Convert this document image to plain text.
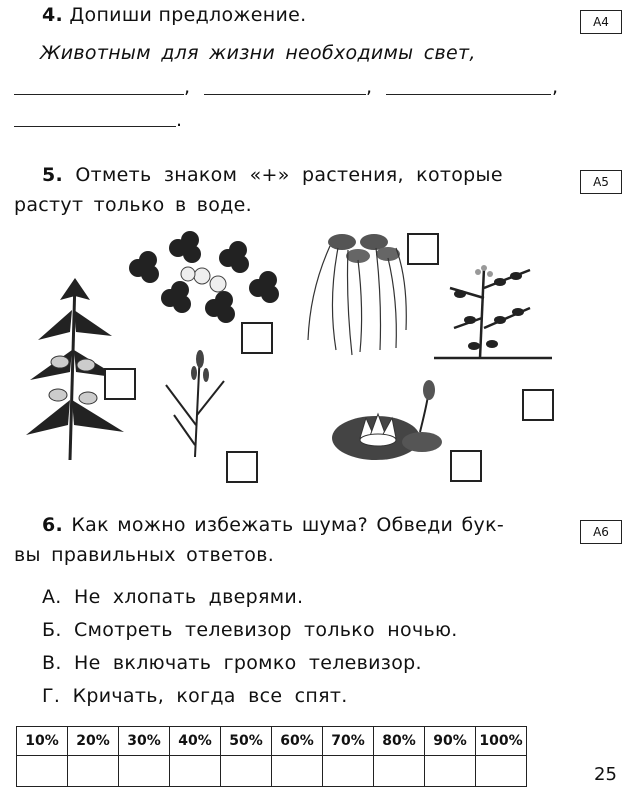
4. Допиши предложение.	А4
Животным для жизни необходимы свет,
,	,	,
.
5. Отметь знаком «+» растения, которые
растут только в воде.
А5
6. Как можно избежать шума? Обведи бук-
вы правильных ответов.
А6
А. Не хлопать дверями.
Б. Смотреть телевизор только ночью.
В. Не включать громко телевизор.
Г. Кричать, когда все спят.
10%	20%	30%	40%	50%	60%	70%	80%	90%	100%

25
